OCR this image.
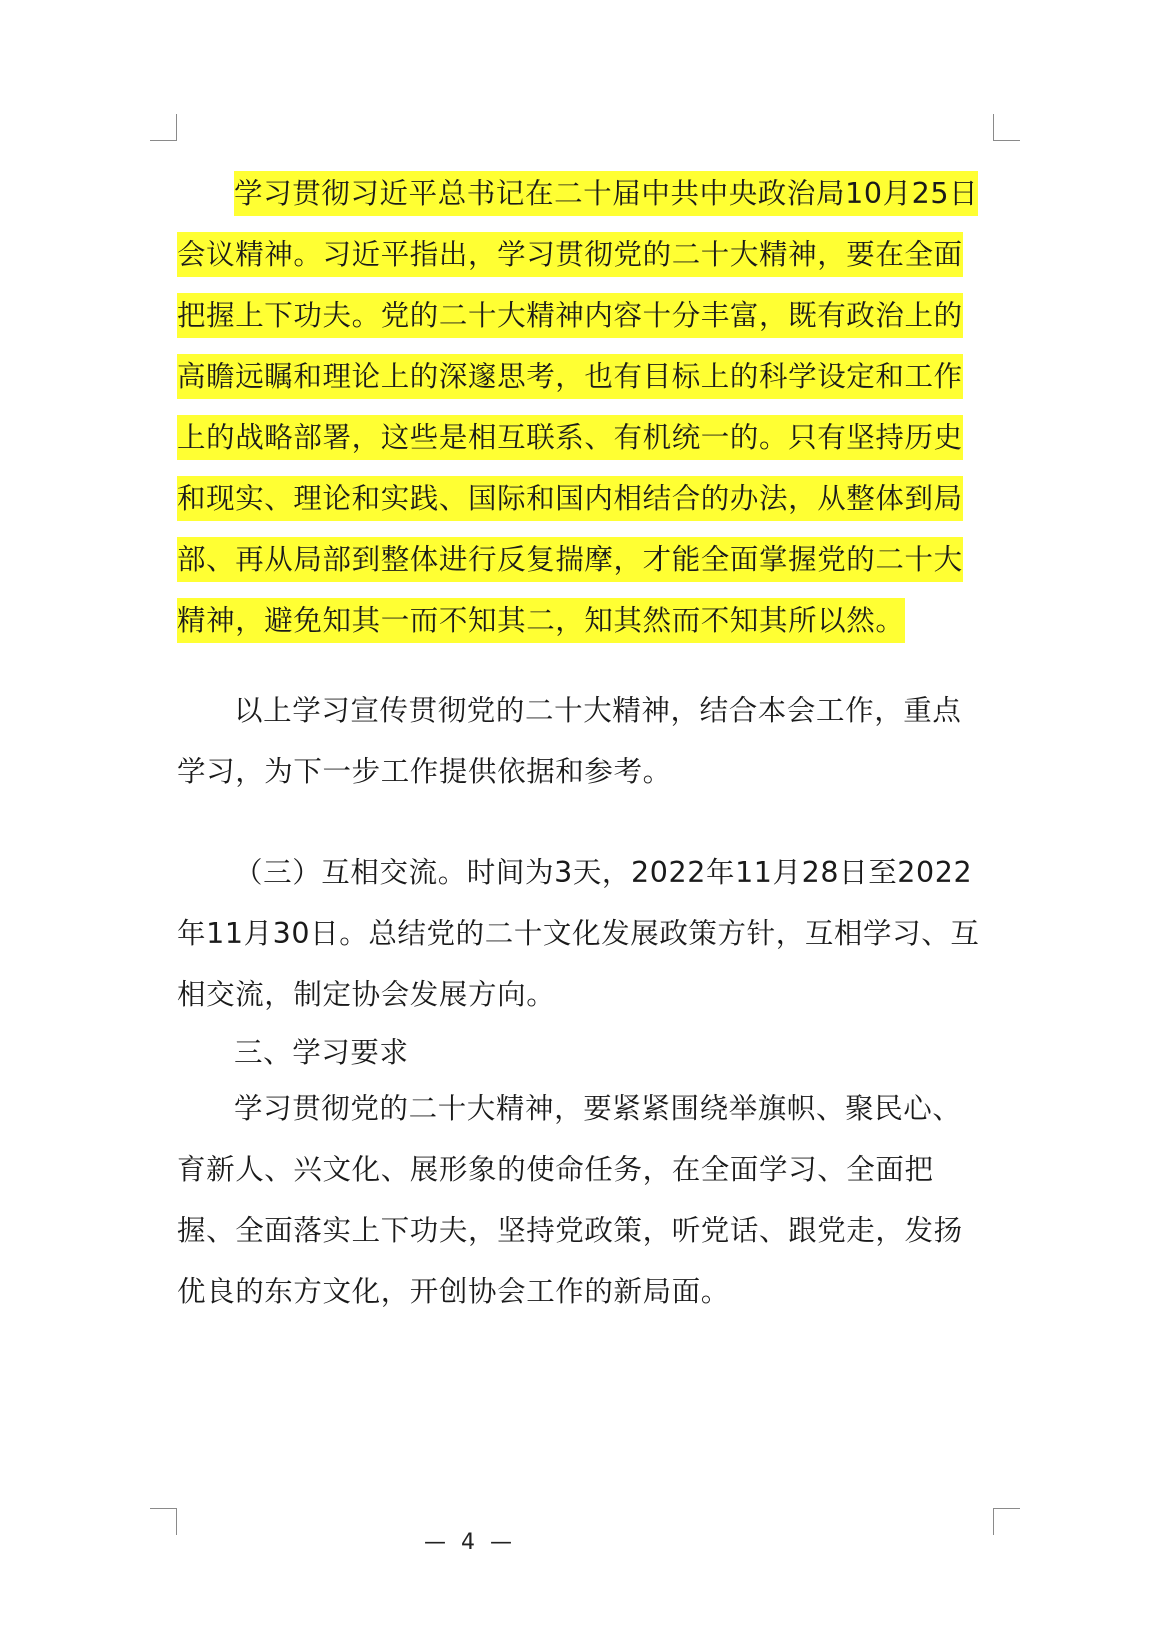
学习贯彻习近平总书记在二十届中共中央政治局10月25日会议精神。习近平指出，学习贯彻党的二十大精神，要在全面把握上下功夫。党的二十大精神内容十分丰富，既有政治上的高瞻远瞩和理论上的深邃思考，也有目标上的科学设定和工作上的战略部署，这些是相互联系、有机统一的。只有坚持历史和现实、理论和实践、国际和国内相结合的办法，从整体到局部、再从局部到整体进行反复揣摩，才能全面掌握党的二十大精神，避免知其一而不知其二，知其然而不知其所以然。

以上学习宣传贯彻党的二十大精神，结合本会工作，重点学习，为下一步工作提供依据和参考。

（三）互相交流。时间为3天，2022年11月28日至2022年11月30日。总结党的二十文化发展政策方针，互相学习、互相交流，制定协会发展方向。

三、学习要求

学习贯彻党的二十大精神，要紧紧围绕举旗帜、聚民心、育新人、兴文化、展形象的使命任务，在全面学习、全面把握、全面落实上下功夫，坚持党政策，听党话、跟党走，发扬优良的东方文化，开创协会工作的新局面。

— 4 —
